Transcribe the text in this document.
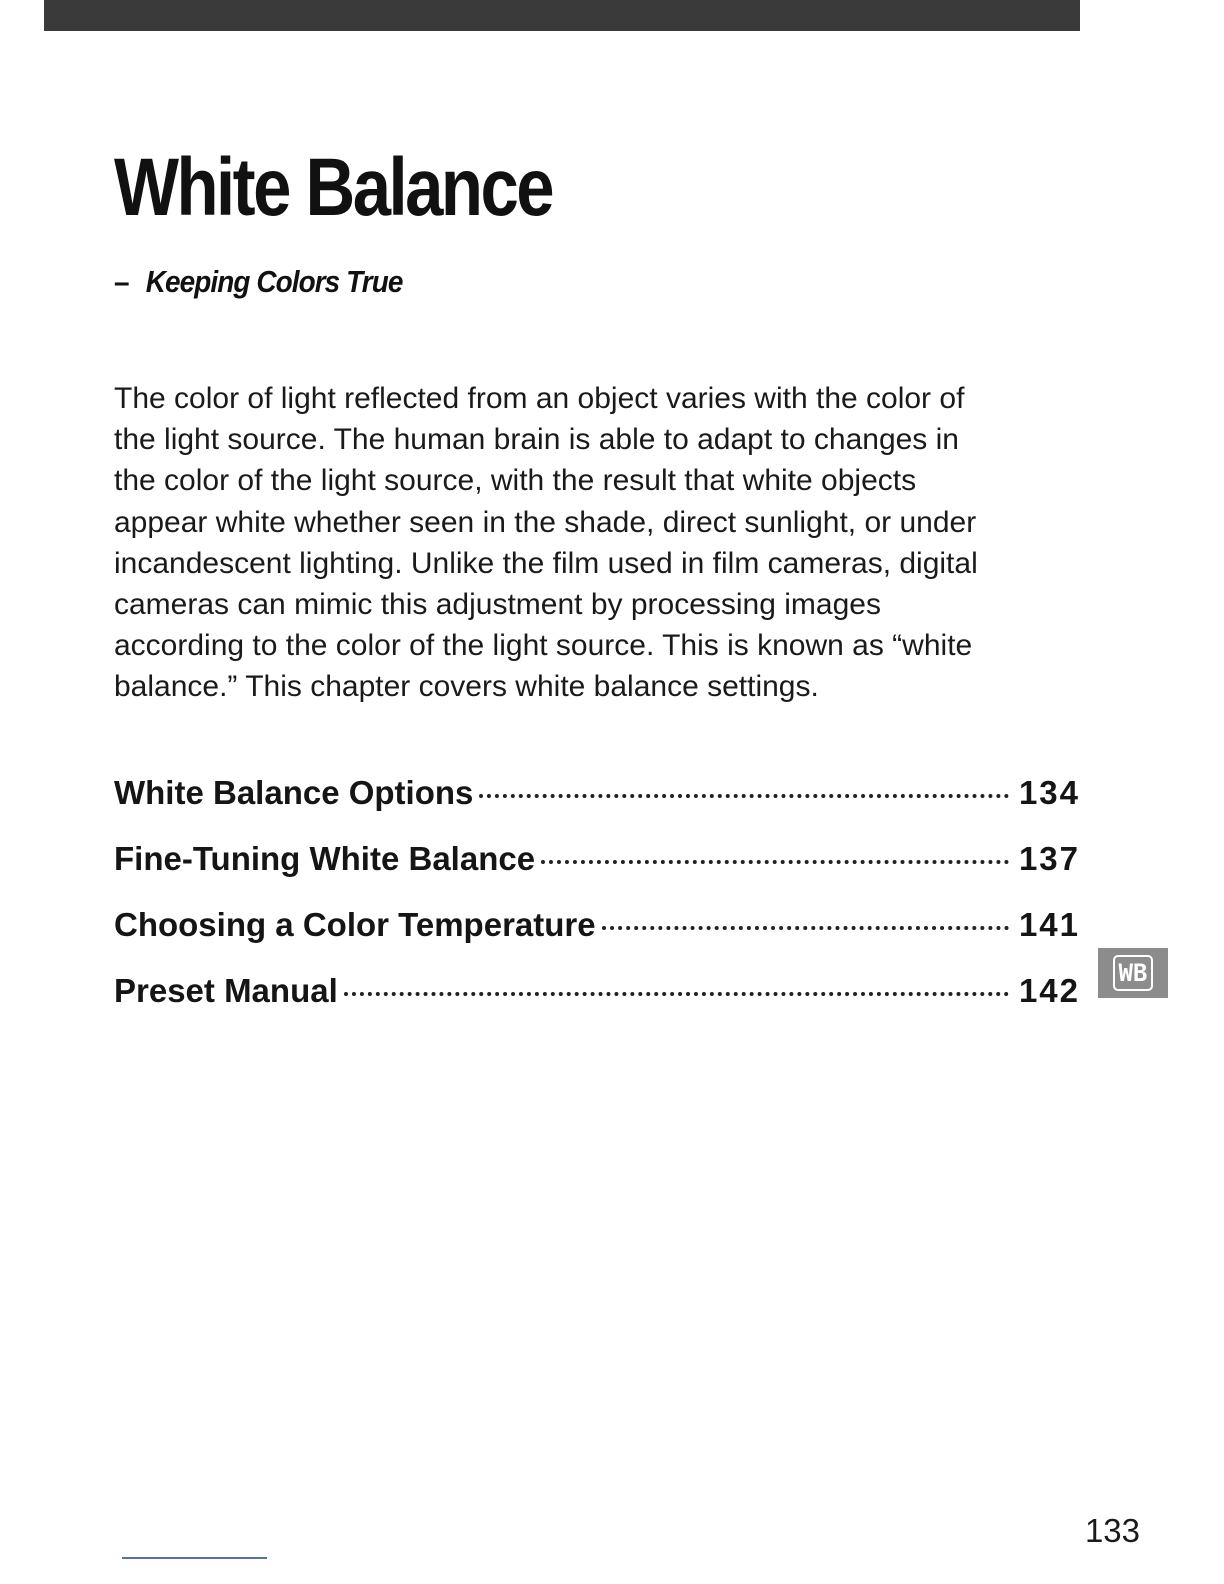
White Balance
– Keeping Colors True

The color of light reflected from an object varies with the color of
the light source. The human brain is able to adapt to changes in
the color of the light source, with the result that white objects
appear white whether seen in the shade, direct sunlight, or under
incandescent lighting. Unlike the film used in film cameras, digital
cameras can mimic this adjustment by processing images
according to the color of the light source. This is known as “white
balance.” This chapter covers white balance settings.

White Balance Options	134
Fine-Tuning White Balance	137
Choosing a Color Temperature	141
Preset Manual	142 WB
133
